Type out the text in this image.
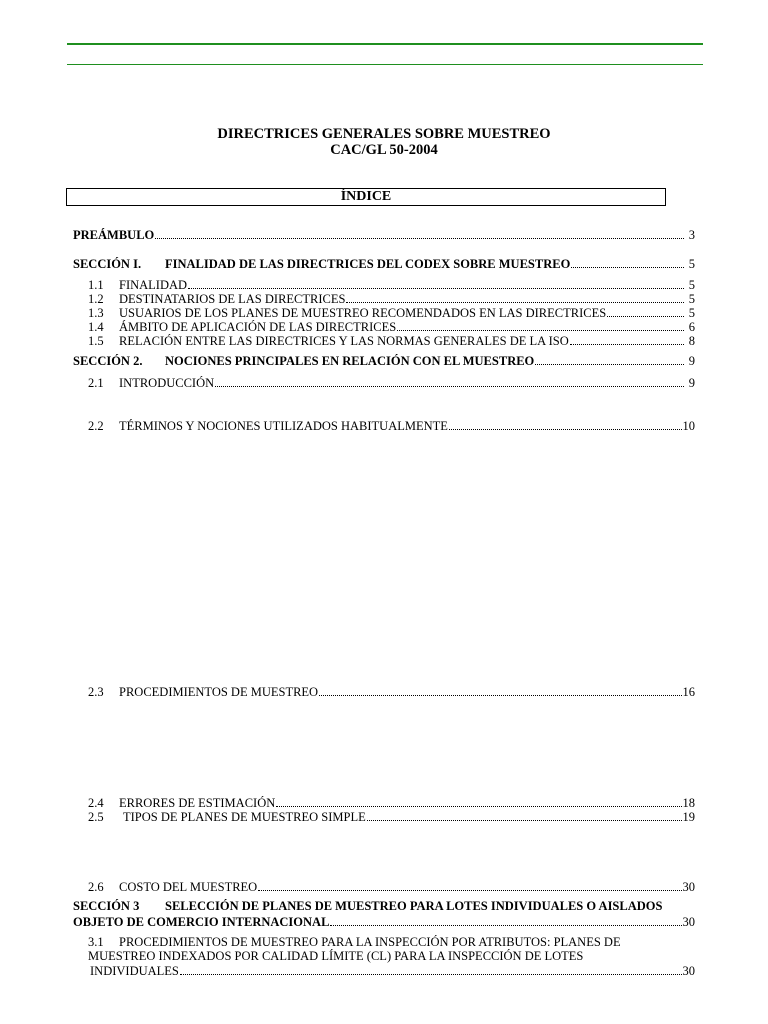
DIRECTRICES GENERALES SOBRE MUESTREO
CAC/GL 50-2004
ÍNDICE
PREÁMBULO	3
SECCIÓN I.	FINALIDAD DE LAS DIRECTRICES DEL CODEX SOBRE MUESTREO	5
1.1	FINALIDAD	5
1.2	DESTINATARIOS DE LAS DIRECTRICES	5
1.3	USUARIOS DE LOS PLANES DE MUESTREO RECOMENDADOS EN LAS DIRECTRICES	5
1.4	ÁMBITO DE APLICACIÓN DE LAS DIRECTRICES	6
1.5	RELACIÓN ENTRE LAS DIRECTRICES Y LAS NORMAS GENERALES DE LA ISO	8
SECCIÓN 2.	NOCIONES PRINCIPALES EN RELACIÓN CON EL MUESTREO	9
2.1	INTRODUCCIÓN	9
2.2	TÉRMINOS Y NOCIONES UTILIZADOS HABITUALMENTE	10
2.3	PROCEDIMIENTOS DE MUESTREO	16
2.4	ERRORES DE ESTIMACIÓN	18
2.5	TIPOS DE PLANES DE MUESTREO SIMPLE	19
2.6	COSTO DEL MUESTREO	30
SECCIÓN 3 SELECCIÓN DE PLANES DE MUESTREO PARA LOTES INDIVIDUALES O AISLADOS
OBJETO DE COMERCIO INTERNACIONAL	30
3.1 PROCEDIMIENTOS DE MUESTREO PARA LA INSPECCIÓN POR ATRIBUTOS: PLANES DE
MUESTREO INDEXADOS POR CALIDAD LÍMITE (CL) PARA LA INSPECCIÓN DE LOTES
INDIVIDUALES	30
